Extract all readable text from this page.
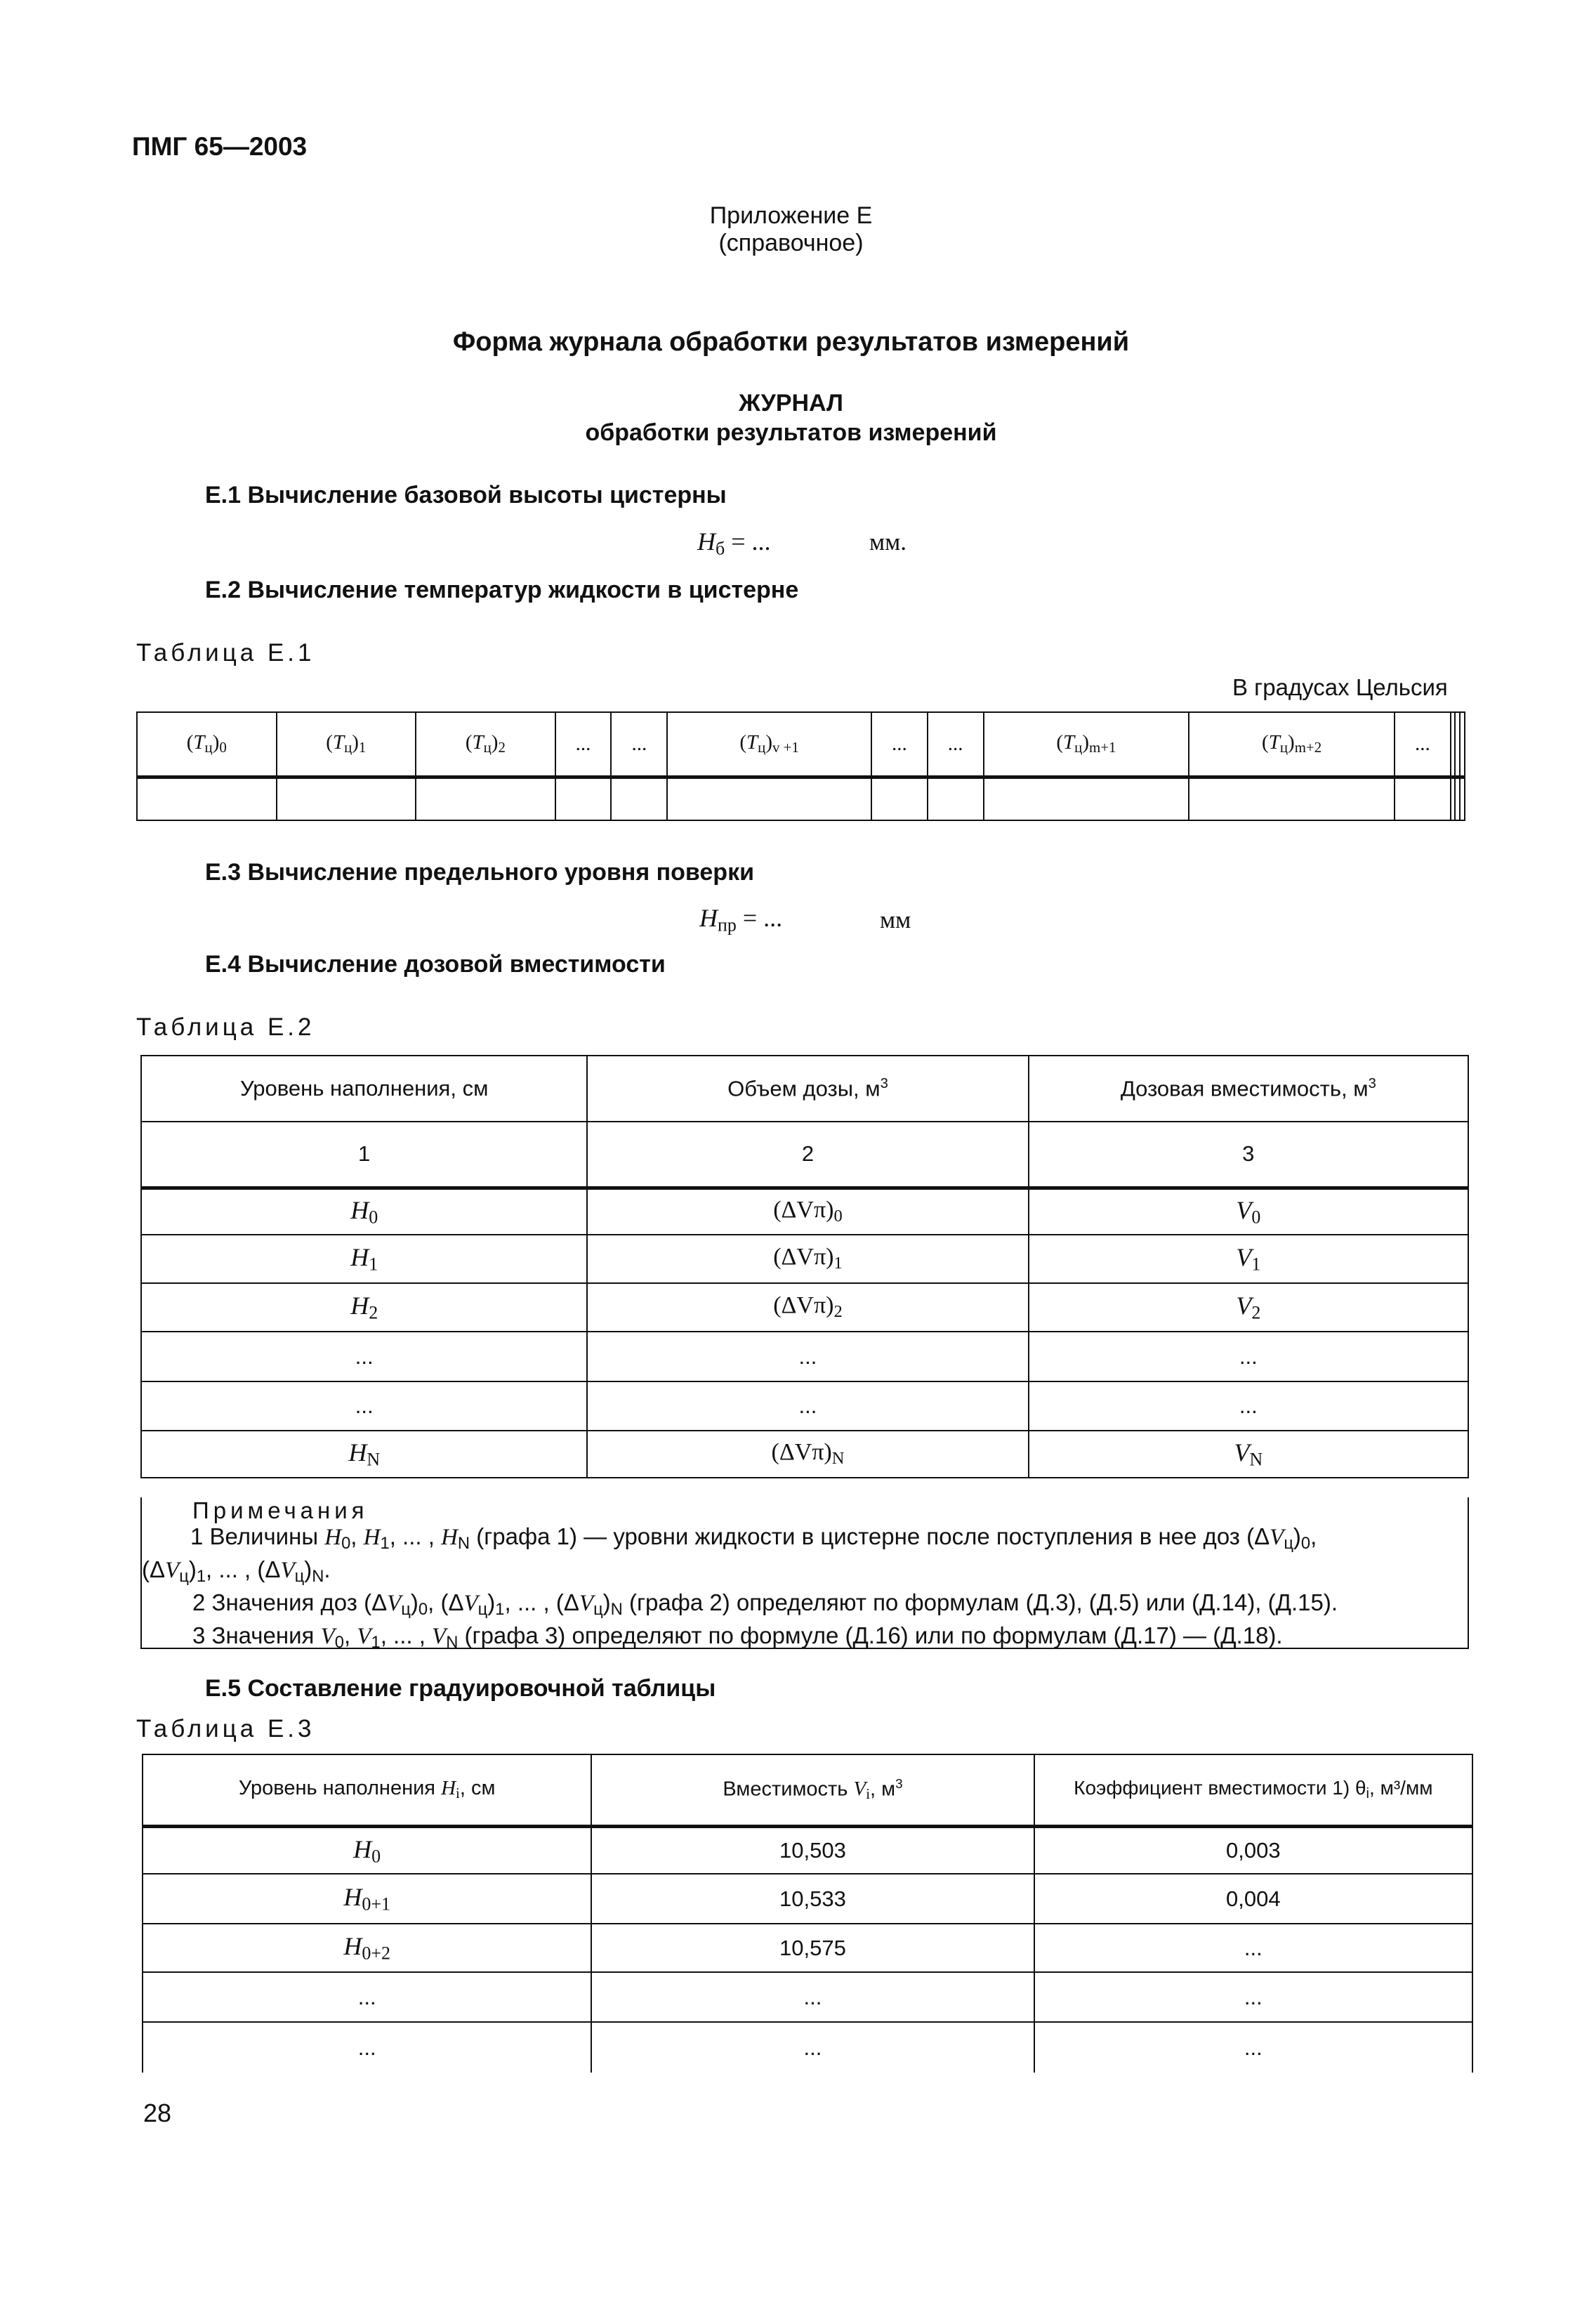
ПМГ 65—2003
Приложение Е
(справочное)
Форма журнала обработки результатов измерений
ЖУРНАЛ
обработки результатов измерений
Е.1 Вычисление базовой высоты цистерны
$H_б$ = ...	мм.
Е.2 Вычисление температур жидкости в цистерне
Таблица Е.1
В градусах Цельсия
$(T_ц)_0$	$(T_ц)_1$	$(T_ц)_2$	...	...	$(T_ц)_{v +1}$	...	...	$(T_ц)_{m+1}$	$(T_ц)_{m+2}$	...			

Е.3 Вычисление предельного уровня поверки
$H_{пр}$ = ...	мм
Е.4 Вычисление дозовой вместимости
Таблица Е.2
Уровень наполнения, см	Объем дозы, $м^3$	Дозовая вместимость, $м^3$
1	2	3
$H_0$	$(\Delta V\pi)_0$	$V_0$
$H_1$	$(\Delta V\pi)_1$	$V_1$
$H_2$	$(\Delta V\pi)_2$	$V_2$
...	...	...
...	...	...
$H_N$	$(\Delta V\pi)_N$	$V_N$
Примечания
1 Величины $H_0$, $H_1$, ... , $H_N$ (графа 1) — уровни жидкости в цистерне после поступления в нее доз $(\Delta V_ц)_0$,
$(\Delta V_ц)_1$, ... , $(\Delta V_ц)_N$.
2 Значения доз $(\Delta V_ц)_0$, $(\Delta V_ц)_1$, ... , $(\Delta V_ц)_N$ (графа 2) определяют по формулам (Д.3), (Д.5) или (Д.14), (Д.15).
3 Значения $V_0$, $V_1$, ... , $V_N$ (графа 3) определяют по формуле (Д.16) или по формулам (Д.17) — (Д.18).
Е.5 Составление градуировочной таблицы
Таблица Е.3
Уровень наполнения $H_i$, см	Вместимость $V_i$, $м^3$	Коэффициент вместимости 1) $\theta_i$, м³/мм
$H_0$	10,503	0,003
$H_{0+1}$	10,533	0,004
$H_{0+2}$	10,575	...
...	...	...
...	...	...
28
